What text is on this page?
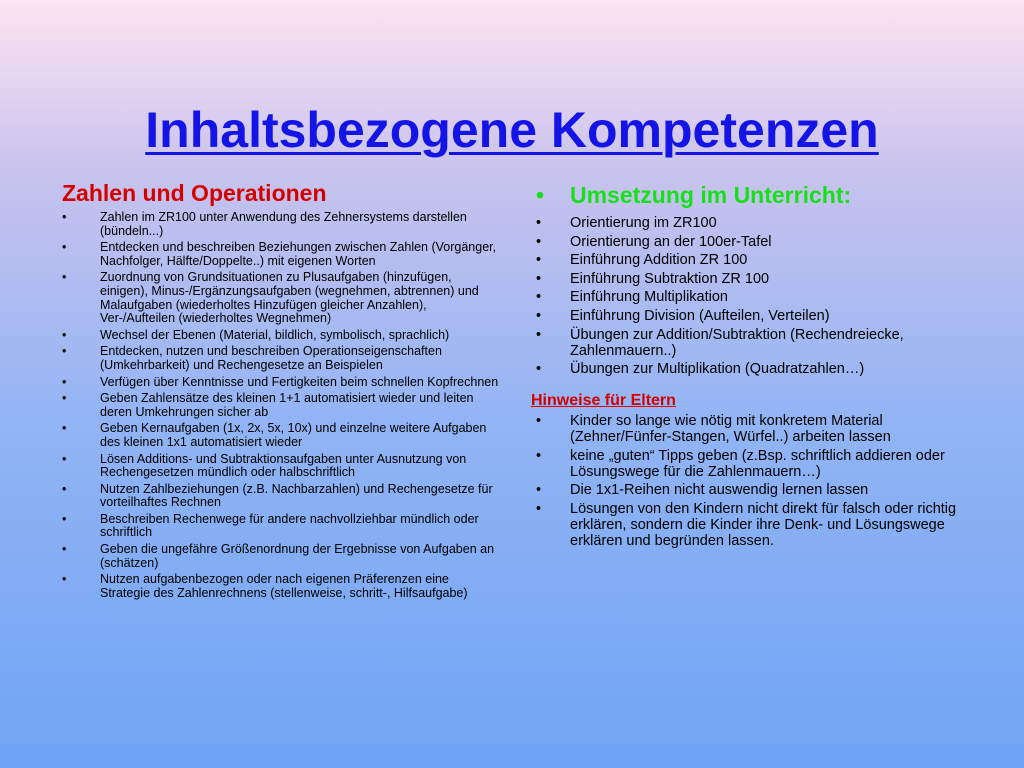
Inhaltsbezogene Kompetenzen
Zahlen und Operationen
•	Zahlen im ZR100 unter Anwendung des Zehnersystems darstellen (bündeln...)
•	Entdecken und beschreiben Beziehungen zwischen Zahlen (Vorgänger, Nachfolger, Hälfte/Doppelte..) mit eigenen Worten
•	Zuordnung von Grundsituationen zu Plusaufgaben (hinzufügen, einigen), Minus-/Ergänzungsaufgaben (wegnehmen, abtrennen) und Malaufgaben (wiederholtes Hinzufügen gleicher Anzahlen), Ver-/Aufteilen (wiederholtes Wegnehmen)
•	Wechsel der Ebenen (Material, bildlich, symbolisch, sprachlich)
•	Entdecken, nutzen und beschreiben Operationseigenschaften (Umkehrbarkeit) und Rechengesetze an Beispielen
•	Verfügen über Kenntnisse und Fertigkeiten beim schnellen Kopfrechnen
•	Geben Zahlensätze des kleinen 1+1 automatisiert wieder und leiten deren Umkehrungen sicher ab
•	Geben Kernaufgaben (1x, 2x, 5x, 10x) und einzelne weitere Aufgaben des kleinen 1x1 automatisiert wieder
•	Lösen Additions- und Subtraktionsaufgaben unter Ausnutzung von Rechengesetzen mündlich oder halbschriftlich
•	Nutzen Zahlbeziehungen (z.B. Nachbarzahlen) und Rechengesetze für vorteilhaftes Rechnen
•	Beschreiben Rechenwege für andere nachvollziehbar mündlich oder schriftlich
•	Geben die ungefähre Größenordnung der Ergebnisse von Aufgaben an (schätzen)
•	Nutzen aufgabenbezogen oder nach eigenen Präferenzen eine Strategie des Zahlenrechnens (stellenweise, schritt-, Hilfsaufgabe)
• Umsetzung im Unterricht:
• Orientierung im ZR100
• Orientierung an der 100er-Tafel
• Einführung Addition ZR 100
• Einführung Subtraktion ZR 100
• Einführung Multiplikation
• Einführung Division (Aufteilen, Verteilen)
• Übungen zur Addition/Subtraktion (Rechendreiecke, Zahlenmauern..)
• Übungen zur Multiplikation (Quadratzahlen…)
Hinweise für Eltern
• Kinder so lange wie nötig mit konkretem Material (Zehner/Fünfer-Stangen, Würfel..) arbeiten lassen
• keine „guten“ Tipps geben (z.Bsp. schriftlich addieren oder Lösungswege für die Zahlenmauern…)
• Die 1x1-Reihen nicht auswendig lernen lassen
• Lösungen von den Kindern nicht direkt für falsch oder richtig erklären, sondern die Kinder ihre Denk- und Lösungswege erklären und begründen lassen.
